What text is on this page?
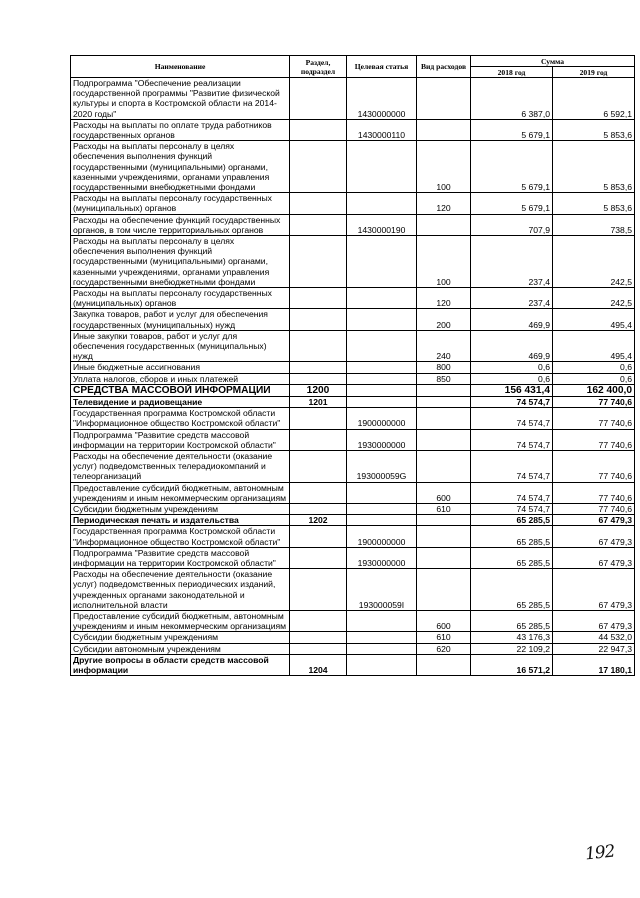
Наименование	Раздел, подраздел	Целевая статья	Вид расходов	Сумма	
				2018 год	2019 год
Подпрограмма "Обеспечение реализации государственной программы "Развитие физической культуры и спорта в Костромской области на 2014-2020 годы"		1430000000		6 387,0	6 592,1
Расходы на выплаты по оплате труда работников государственных органов		1430000110		5 679,1	5 853,6
Расходы на выплаты персоналу в целях обеспечения выполнения функций государственными (муниципальными) органами, казенными учреждениями, органами управления государственными внебюджетными фондами			100	5 679,1	5 853,6
Расходы на выплаты персоналу государственных (муниципальных) органов			120	5 679,1	5 853,6
Расходы на обеспечение функций государственных органов, в том числе территориальных органов		1430000190		707,9	738,5
Расходы на выплаты персоналу в целях обеспечения выполнения функций государственными (муниципальными) органами, казенными учреждениями, органами управления государственными внебюджетными фондами			100	237,4	242,5
Расходы на выплаты персоналу государственных (муниципальных) органов			120	237,4	242,5
Закупка товаров, работ и услуг для обеспечения государственных (муниципальных) нужд			200	469,9	495,4
Иные закупки товаров, работ и услуг для обеспечения государственных (муниципальных) нужд			240	469,9	495,4
Иные бюджетные ассигнования			800	0,6	0,6
Уплата налогов, сборов и иных платежей			850	0,6	0,6
СРЕДСТВА МАССОВОЙ ИНФОРМАЦИИ	1200			156 431,4	162 400,0
Телевидение и радиовещание	1201			74 574,7	77 740,6
Государственная программа Костромской области "Информационное общество Костромской области"		1900000000		74 574,7	77 740,6
Подпрограмма "Развитие средств массовой информации на территории Костромской области"		1930000000		74 574,7	77 740,6
Расходы на обеспечение деятельности (оказание услуг) подведомственных телерадиокомпаний и телеорганизаций		193000059G		74 574,7	77 740,6
Предоставление субсидий бюджетным, автономным учреждениям и иным некоммерческим организациям			600	74 574,7	77 740,6
Субсидии бюджетным учреждениям			610	74 574,7	77 740,6
Периодическая печать и издательства	1202			65 285,5	67 479,3
Государственная программа Костромской области "Информационное общество Костромской области"		1900000000		65 285,5	67 479,3
Подпрограмма "Развитие средств массовой информации на территории Костромской области"		1930000000		65 285,5	67 479,3
Расходы на обеспечение деятельности (оказание услуг) подведомственных периодических изданий, учрежденных органами законодательной и исполнительной власти		193000059I		65 285,5	67 479,3
Предоставление субсидий бюджетным, автономным учреждениям и иным некоммерческим организациям			600	65 285,5	67 479,3
Субсидии бюджетным учреждениям			610	43 176,3	44 532,0
Субсидии автономным учреждениям			620	22 109,2	22 947,3
Другие вопросы в области средств массовой информации	1204			16 571,2	17 180,1
192
